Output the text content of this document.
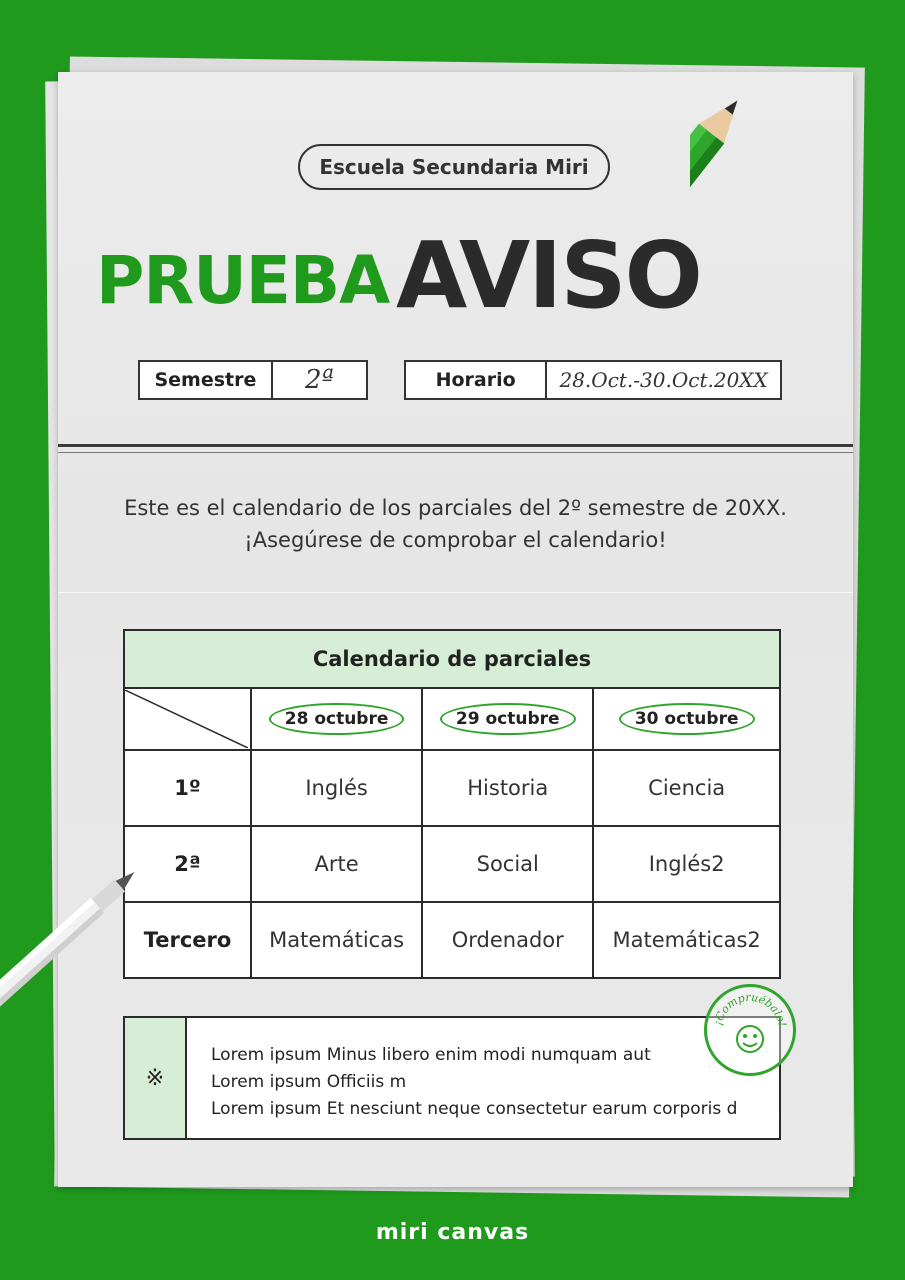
Escuela Secundaria Miri
PRUEBA AVISO
Semestre	2ª	Horario	28.Oct.-30.Oct.20XX
Este es el calendario de los parciales del 2º semestre de 20XX.
¡Asegúrese de comprobar el calendario!
Calendario de parciales			

	28 octubre	29 octubre	30 octubre
1º	Inglés	Historia	Ciencia
2ª	Arte	Social	Inglés2
Tercero	Matemáticas	Ordenador	Matemáticas2
※
Lorem ipsum Minus libero enim modi numquam aut
Lorem ipsum Officiis m
Lorem ipsum Et nesciunt neque consectetur earum corporis d
¡Compruébalo!
miri canvas
